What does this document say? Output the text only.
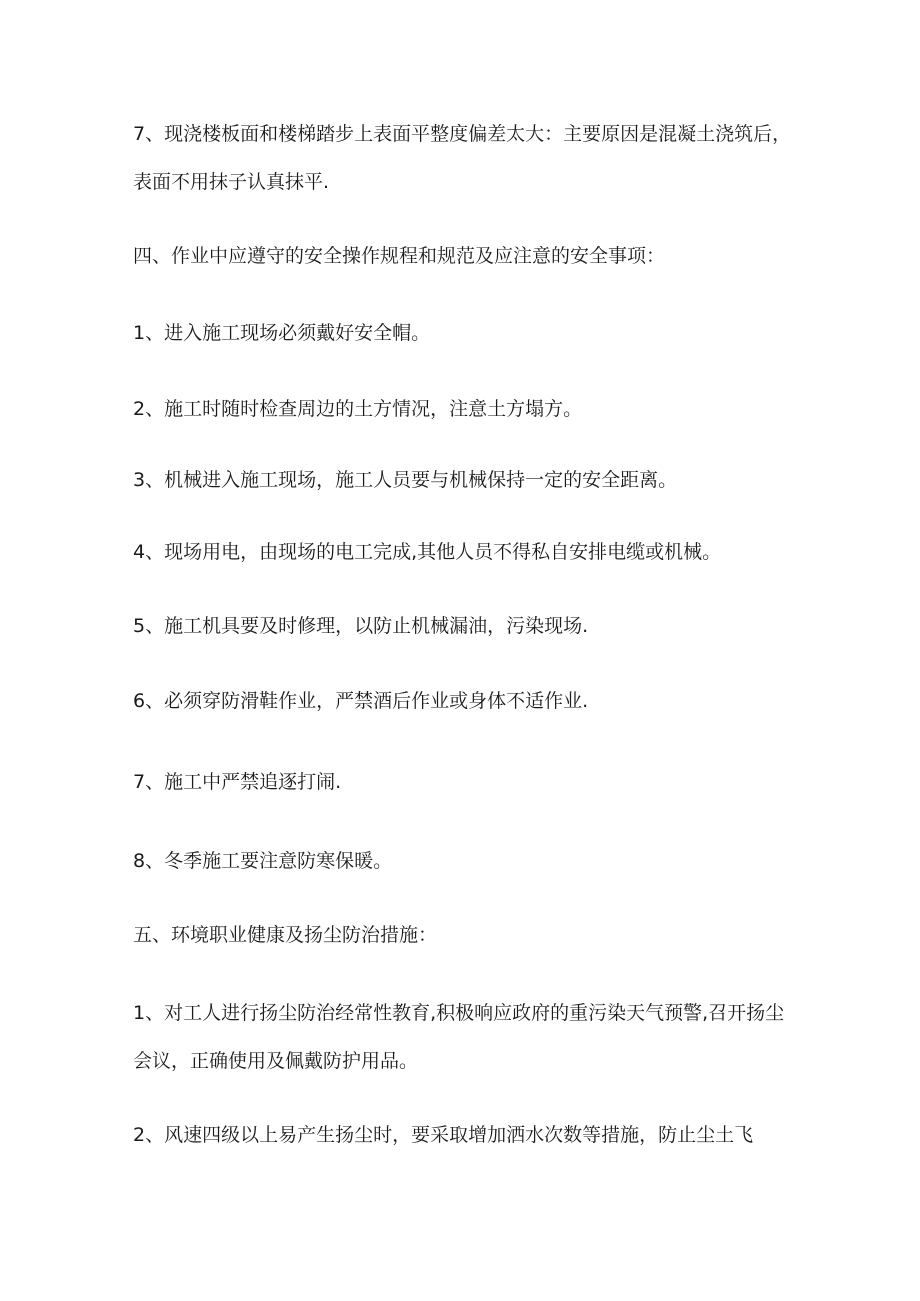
7、现浇楼板面和楼梯踏步上表面平整度偏差太大：主要原因是混凝土浇筑后，表面不用抹子认真抹平.

四、作业中应遵守的安全操作规程和规范及应注意的安全事项：

1、进入施工现场必须戴好安全帽。

2、施工时随时检查周边的土方情况，注意土方塌方。

3、机械进入施工现场，施工人员要与机械保持一定的安全距离。

4、现场用电，由现场的电工完成,其他人员不得私自安排电缆或机械。

5、施工机具要及时修理，以防止机械漏油，污染现场.

6、必须穿防滑鞋作业，严禁酒后作业或身体不适作业.

7、施工中严禁追逐打闹.

8、冬季施工要注意防寒保暖。

五、环境职业健康及扬尘防治措施：

1、对工人进行扬尘防治经常性教育,积极响应政府的重污染天气预警,召开扬尘会议，正确使用及佩戴防护用品。

2、风速四级以上易产生扬尘时，要采取增加洒水次数等措施，防止尘土飞
